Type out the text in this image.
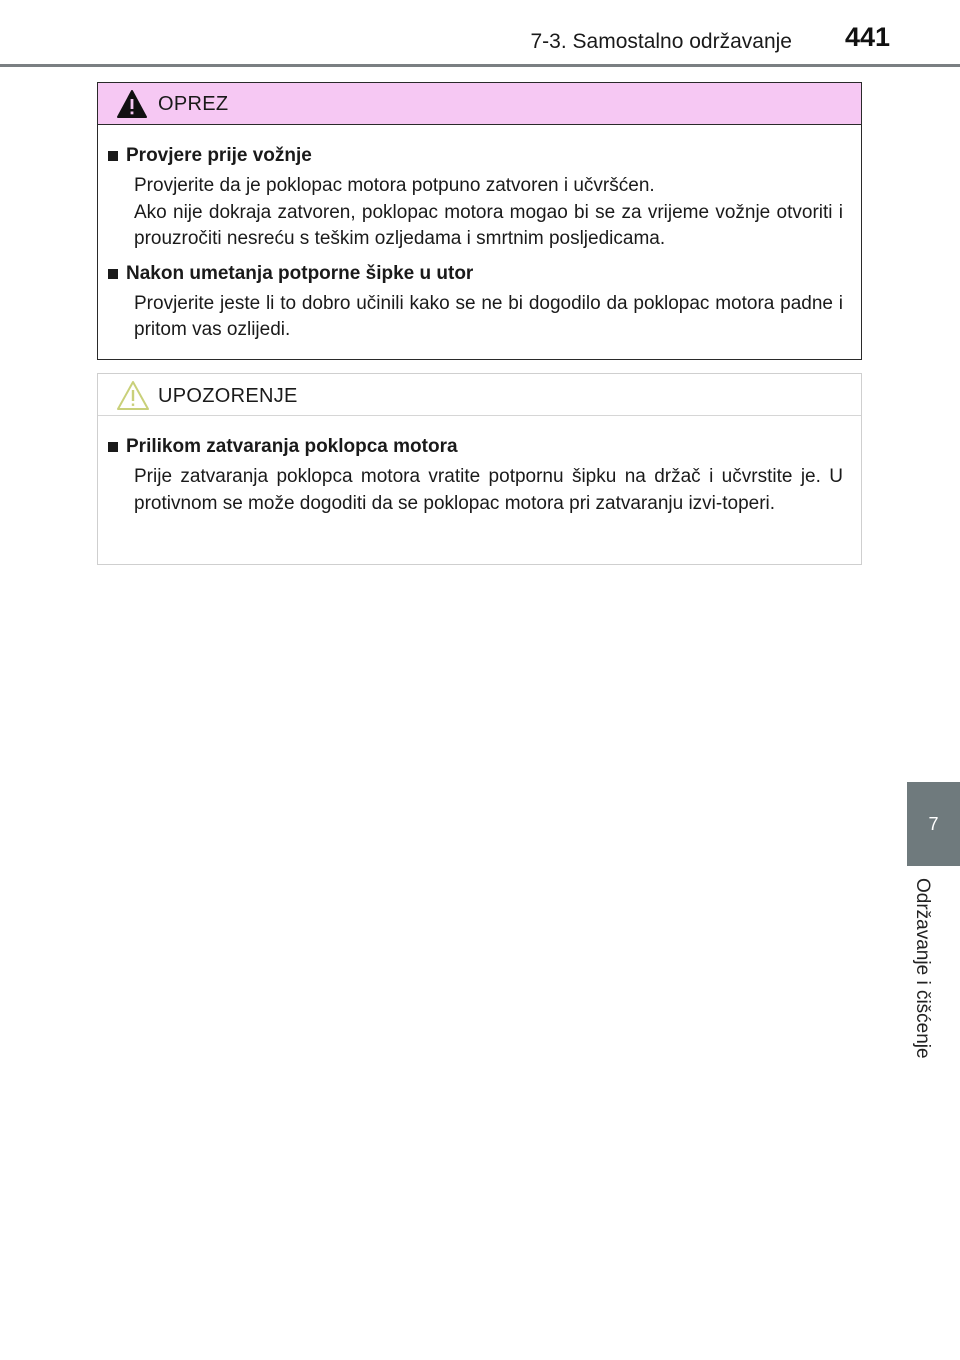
7-3. Samostalno održavanje 441
7
Održavanje i čišćenje
OPREZ
Provjere prije vožnje
Provjerite da je poklopac motora potpuno zatvoren i učvršćen.
Ako nije dokraja zatvoren, poklopac motora mogao bi se za vrijeme vožnje otvoriti i prouzročiti nesreću s teškim ozljedama i smrtnim posljedicama.
Nakon umetanja potporne šipke u utor
Provjerite jeste li to dobro učinili kako se ne bi dogodilo da poklopac motora padne i pritom vas ozlijedi.
UPOZORENJE
Prilikom zatvaranja poklopca motora
Prije zatvaranja poklopca motora vratite potpornu šipku na držač i učvrstite je. U protivnom se može dogoditi da se poklopac motora pri zatvaranju izvi-toperi.
